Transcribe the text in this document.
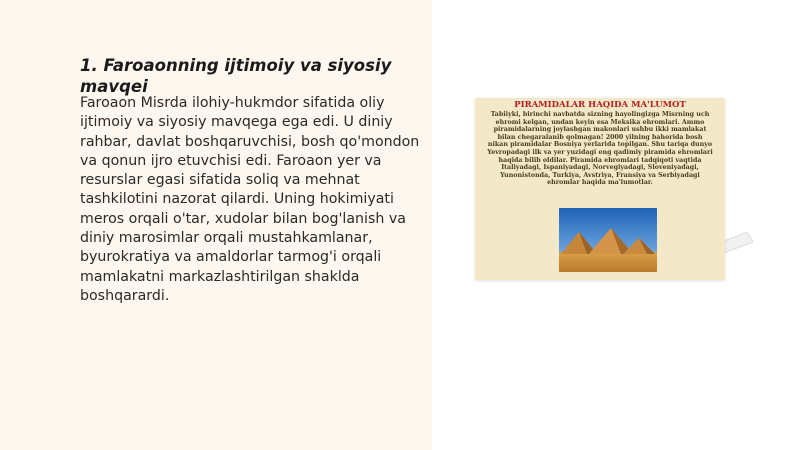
1. Faroaonning ijtimoiy va siyosiy mavqei

Faroaon Misrda ilohiy-hukmdor sifatida oliy ijtimoiy va siyosiy mavqega ega edi. U diniy rahbar, davlat boshqaruvchisi, bosh qo'mondon va qonun ijro etuvchisi edi. Faroaon yer va resurslar egasi sifatida soliq va mehnat tashkilotini nazorat qilardi. Uning hokimiyati meros orqali o'tar, xudolar bilan bog'lanish va diniy marosimlar orqali mustahkamlanar, byurokratiya va amaldorlar tarmog'i orqali mamlakatni markazlashtirilgan shaklda boshqarardi.

PIRAMIDALAR HAQIDA MA'LUMOT
Tabiiyki, birinchi navbatda sizning hayolingizga Misrning uch ehromi kelgan, undan keyin esa Meksika ehromlari. Ammo piramidalarning joylashgan makonlari ushbu ikki mamlakat bilan chegaralanib qolmagan! 2000 yilning bahorida bosh nikan piramidalar Bosniya yerlarida topilgan. Shu tariqa dunyo Yevropadagi ilk va yer yuzidagi eng qadimiy piramida ehromlari haqida bilib oldilar. Piramida ehromlari tadqiqoti vaqtida Italiyadagi, Ispaniyadagi, Norvegiyadagi, Sloveniyadagi, Yunonistonda, Turkiya, Avstriya, Fransiya va Serbiyadagi ehromlar haqida ma'lumotlar.
